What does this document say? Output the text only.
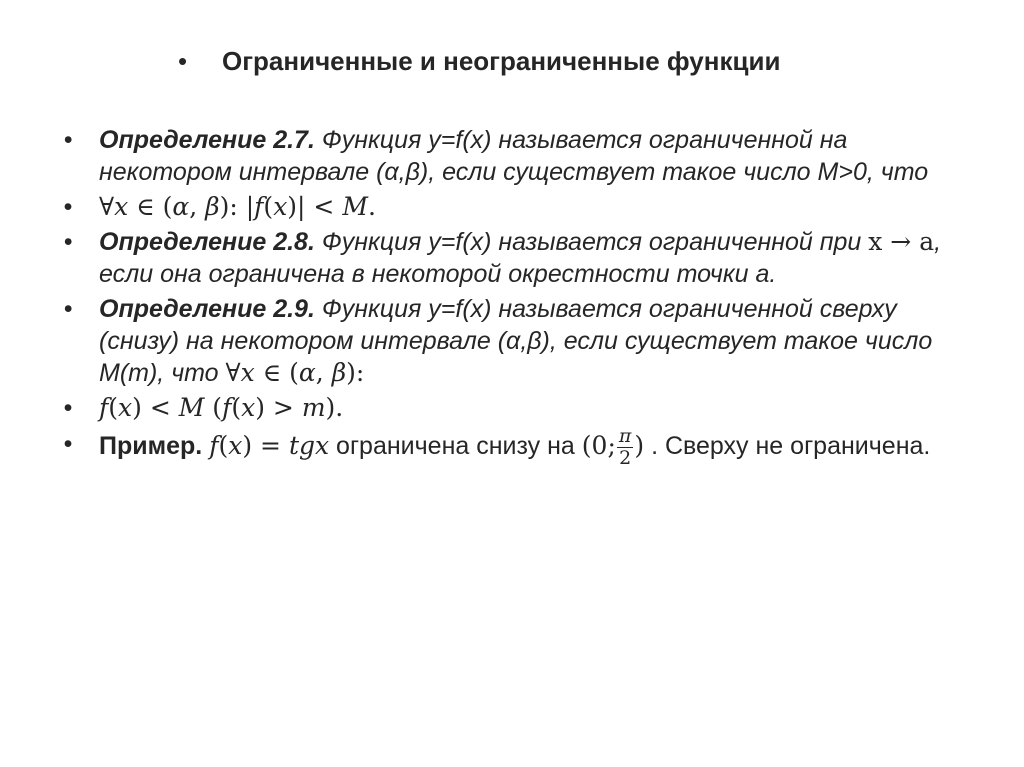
• Ограниченные и неограниченные функции
• Определение 2.7. Функция y=f(x) называется ограниченной на некотором интервале (α,β), если существует такое число M>0, что
• ∀x ∈ (α, β): |f(x)| < M.
• Определение 2.8. Функция y=f(x) называется ограниченной при x → a, если она ограничена в некоторой окрестности точки а.
• Определение 2.9. Функция y=f(x) называется ограниченной сверху (снизу) на некотором интервале (α,β), если существует такое число M(m), что ∀x ∈ (α, β):
• f(x) < M (f(x) > m).
• Пример. f(x) = tgx ограничена снизу на (0; $\frac{\pi}{2}$ ) . Сверху не ограничена.
